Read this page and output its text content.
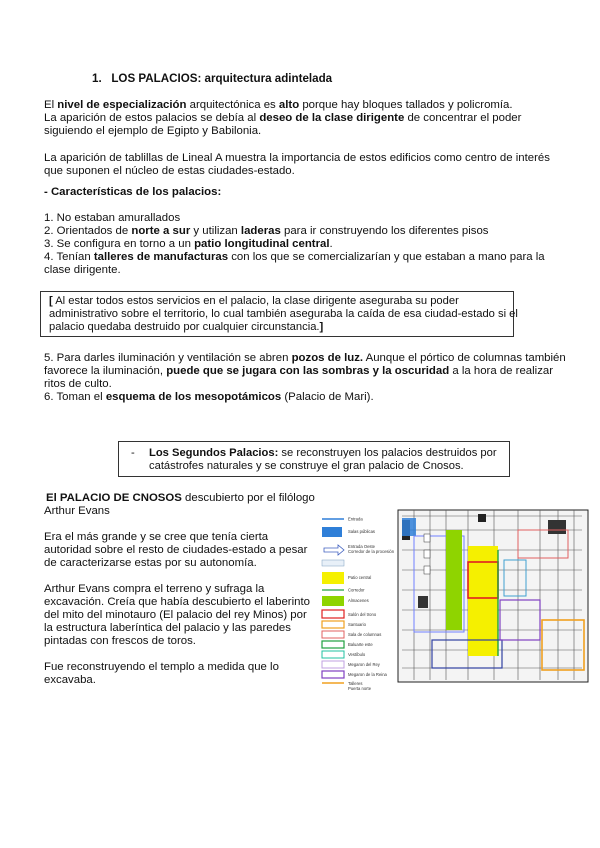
1. LOS PALACIOS: arquitectura adintelada
El nivel de especialización arquitectónica es alto porque hay bloques tallados y policromía.
La aparición de estos palacios se debía al deseo de la clase dirigente de concentrar el poder
siguiendo el ejemplo de Egipto y Babilonia.
La aparición de tablillas de Lineal A muestra la importancia de estos edificios como centro de interés
que suponen el núcleo de estas ciudades-estado.
- Características de los palacios:
1. No estaban amurallados
2. Orientados de norte a sur y utilizan laderas para ir construyendo los diferentes pisos
3. Se configura en torno a un patio longitudinal central.
4. Tenían talleres de manufacturas con los que se comercializarían y que estaban a mano para la
clase dirigente.
[ Al estar todos estos servicios en el palacio, la clase dirigente aseguraba su poder
administrativo sobre el territorio, lo cual también aseguraba la caída de esa ciudad-estado si el
palacio quedaba destruido por cualquier circunstancia.]
5. Para darles iluminación y ventilación se abren pozos de luz. Aunque el pórtico de columnas también
favorece la iluminación, puede que se jugara con las sombras y la oscuridad a la hora de realizar
ritos de culto.
6. Toman el esquema de los mesopotámicos (Palacio de Mari).
- Los Segundos Palacios: se reconstruyen los palacios destruidos por
catástrofes naturales y se construye el gran palacio de Cnosos.
El PALACIO DE CNOSOS descubierto por el filólogo
Arthur Evans
Era el más grande y se cree que tenía cierta
autoridad sobre el resto de ciudades-estado a pesar
de caracterizarse estas por su autonomía.
Arthur Evans compra el terreno y sufraga la
excavación. Creía que había descubierto el laberinto
del mito del minotauro (El palacio del rey Minos) por
la estructura laberíntica del palacio y las paredes
pintadas con frescos de toros.
Fue reconstruyendo el templo a medida que lo
excavaba.
Entrada
Salas públicas
Entrada Oeste
Corredor de la procesión
Patio central
Corredor
Almacenes
Salón del trono
Santuario
Sala de columnas
Baluarte este
Vestíbulo
Megaron del Rey
Megaron de la Reina
Talleres
Puerta norte
